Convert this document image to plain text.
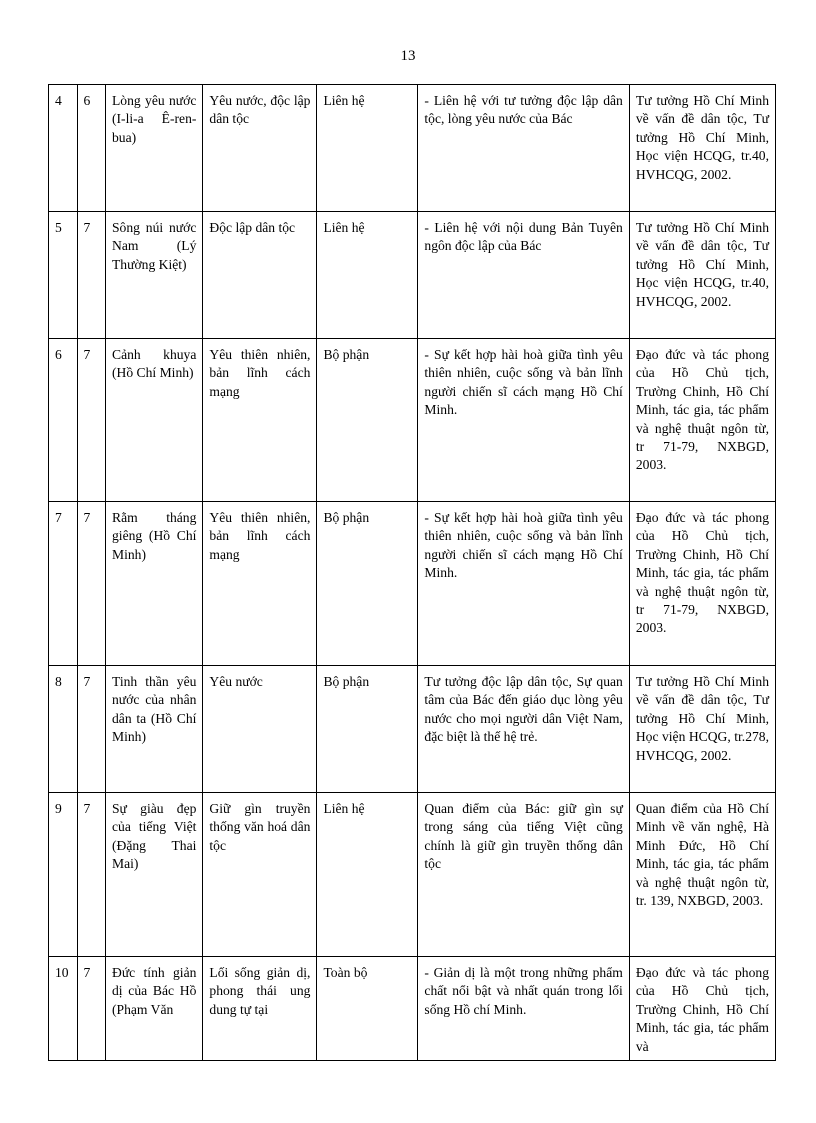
13
4	6	Lòng yêu nước (I-li-a Ê-ren-bua)	Yêu nước, độc lập dân tộc	Liên hệ	- Liên hệ với tư tưởng độc lập dân tộc, lòng yêu nước của Bác	Tư tưởng Hồ Chí Minh về vấn đề dân tộc, Tư tưởng Hồ Chí Minh, Học viện HCQG, tr.40, HVHCQG, 2002.
5	7	Sông núi nước Nam (Lý Thường Kiệt)	Độc lập dân tộc	Liên hệ	- Liên hệ với nội dung Bản Tuyên ngôn độc lập của Bác	Tư tưởng Hồ Chí Minh về vấn đề dân tộc, Tư tưởng Hồ Chí Minh, Học viện HCQG, tr.40, HVHCQG, 2002.
6	7	Cảnh khuya (Hồ Chí Minh)	Yêu thiên nhiên, bản lĩnh cách mạng	Bộ phận	- Sự kết hợp hài hoà giữa tình yêu thiên nhiên, cuộc sống và bản lĩnh người chiến sĩ cách mạng Hồ Chí Minh.	Đạo đức và tác phong của Hồ Chủ tịch, Trường Chinh, Hồ Chí Minh, tác gia, tác phẩm và nghệ thuật ngôn từ, tr 71-79, NXBGD, 2003.
7	7	Rằm tháng giêng (Hồ Chí Minh)	Yêu thiên nhiên, bản lĩnh cách mạng	Bộ phận	- Sự kết hợp hài hoà giữa tình yêu thiên nhiên, cuộc sống và bản lĩnh người chiến sĩ cách mạng Hồ Chí Minh.	Đạo đức và tác phong của Hồ Chủ tịch, Trường Chinh, Hồ Chí Minh, tác gia, tác phẩm và nghệ thuật ngôn từ, tr 71-79, NXBGD, 2003.
8	7	Tinh thần yêu nước của nhân dân ta (Hồ Chí Minh)	Yêu nước	Bộ phận	Tư tưởng độc lập dân tộc, Sự quan tâm của Bác đến giáo dục lòng yêu nước cho mọi người dân Việt Nam, đặc biệt là thế hệ trẻ.	Tư tưởng Hồ Chí Minh về vấn đề dân tộc, Tư tưởng Hồ Chí Minh, Học viện HCQG, tr.278, HVHCQG, 2002.
9	7	Sự giàu đẹp của tiếng Việt (Đặng Thai Mai)	Giữ gìn truyền thống văn hoá dân tộc	Liên hệ	Quan điểm của Bác: giữ gìn sự trong sáng của tiếng Việt cũng chính là giữ gìn truyền thống dân tộc	Quan điểm của Hồ Chí Minh về văn nghệ, Hà Minh Đức, Hồ Chí Minh, tác gia, tác phẩm và nghệ thuật ngôn từ, tr. 139, NXBGD, 2003.
10	7	Đức tính giản dị của Bác Hồ (Phạm Văn	Lối sống giản dị, phong thái ung dung tự tại	Toàn bộ	- Giản dị là một trong những phẩm chất nổi bật và nhất quán trong lối sống Hồ chí Minh.	Đạo đức và tác phong của Hồ Chủ tịch, Trường Chinh, Hồ Chí Minh, tác gia, tác phẩm và
